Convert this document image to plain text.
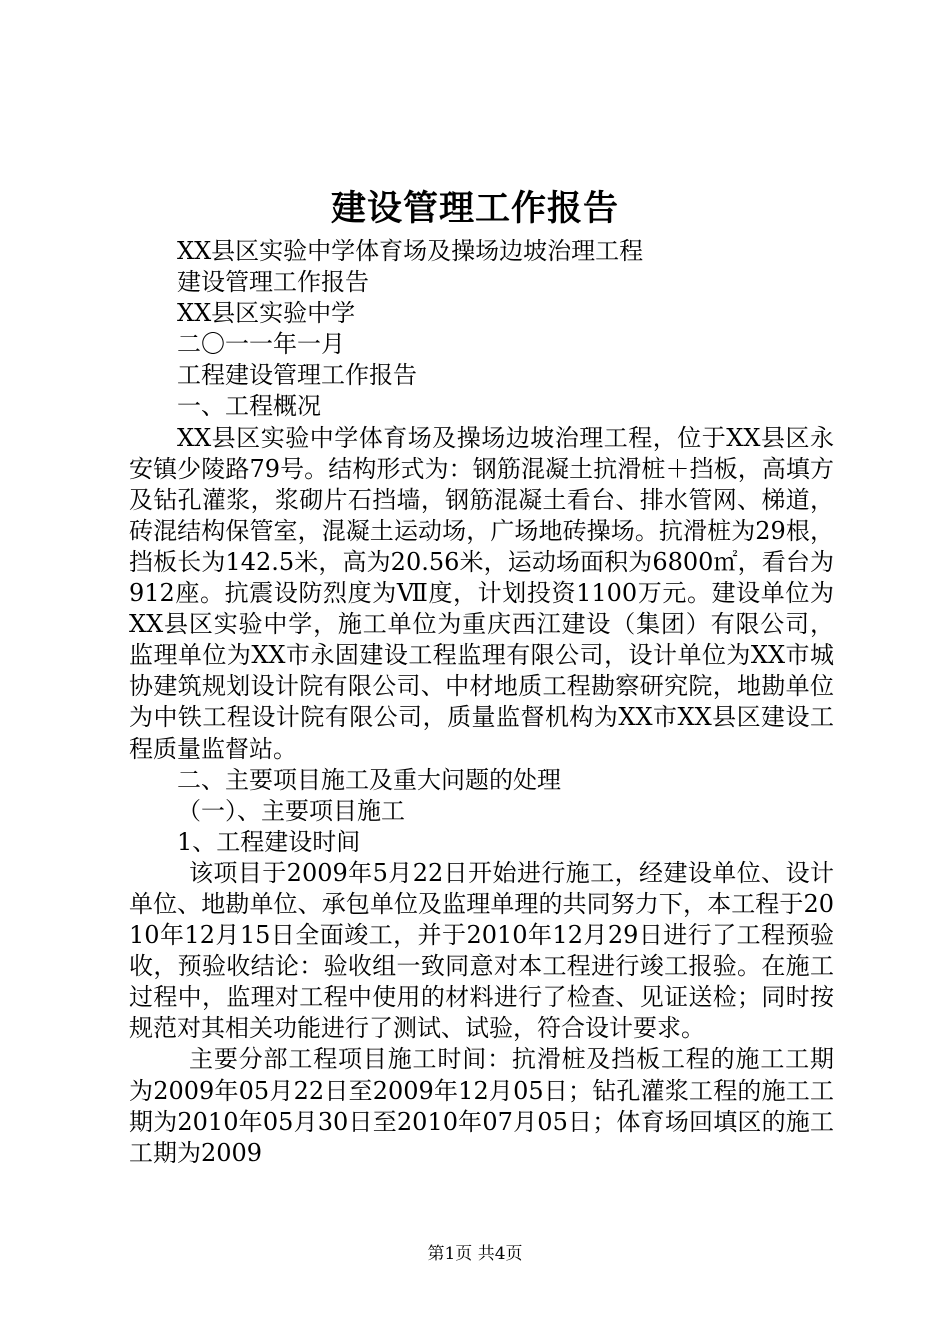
建设管理工作报告

XX县区实验中学体育场及操场边坡治理工程

建设管理工作报告

XX县区实验中学

二〇一一年一月

工程建设管理工作报告

一、工程概况

XX县区实验中学体育场及操场边坡治理工程，位于XX县区永安镇少陵路79号。结构形式为：钢筋混凝土抗滑桩＋挡板，高填方及钻孔灌浆，浆砌片石挡墙，钢筋混凝土看台、排水管网、梯道，砖混结构保管室，混凝土运动场，广场地砖操场。抗滑桩为29根，挡板长为142.5米，高为20.56米，运动场面积为6800㎡，看台为912座。抗震设防烈度为Ⅶ度，计划投资1100万元。建设单位为XX县区实验中学，施工单位为重庆西江建设（集团）有限公司，监理单位为XX市永固建设工程监理有限公司，设计单位为XX市城协建筑规划设计院有限公司、中材地质工程勘察研究院，地勘单位为中铁工程设计院有限公司，质量监督机构为XX市XX县区建设工程质量监督站。

二、主要项目施工及重大问题的处理

（一）、主要项目施工

1、工程建设时间

该项目于2009年5月22日开始进行施工，经建设单位、设计单位、地勘单位、承包单位及监理单理的共同努力下，本工程于2010年12月15日全面竣工，并于2010年12月29日进行了工程预验收，预验收结论：验收组一致同意对本工程进行竣工报验。在施工过程中，监理对工程中使用的材料进行了检查、见证送检；同时按规范对其相关功能进行了测试、试验，符合设计要求。

主要分部工程项目施工时间：抗滑桩及挡板工程的施工工期为2009年05月22日至2009年12月05日；钻孔灌浆工程的施工工期为2010年05月30日至2010年07月05日；体育场回填区的施工工期为2009

第1页 共4页
